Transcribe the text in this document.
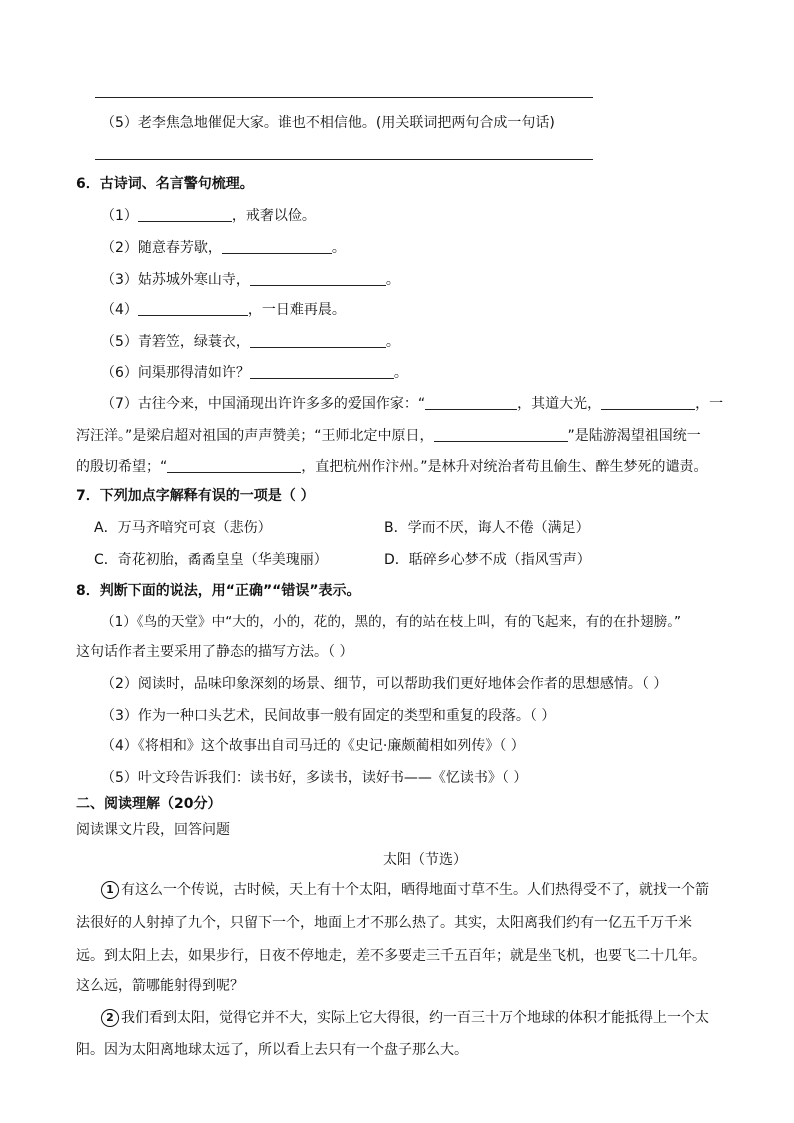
（5）老李焦急地催促大家。谁也不相信他。(用关联词把两句合成一句话)
6．古诗词、名言警句梳理。
（1）	，戒奢以俭。
（2）随意春芳歇，	。
（3）姑苏城外寒山寺，	。
（4）	，一日难再晨。
（5）青箬笠，绿蓑衣，	。
（6）问渠那得清如许？	。
（7）古往今来，中国涌现出许许多多的爱国作家：“	，其道大光，	，一
泻汪洋。”是梁启超对祖国的声声赞美；“王师北定中原日，	”是陆游渴望祖国统一
的殷切希望；“	，直把杭州作汴州。”是林升对统治者苟且偷生、醉生梦死的谴责。
7．下列加点字解释有误的一项是（ ）
A．万马齐喑究可哀（悲伤）	B．学而不厌，诲人不倦（满足）
C．奇花初胎，矞矞皇皇（华美瑰丽）	D．聒碎乡心梦不成（指风雪声）
8．判断下面的说法，用“正确”“错误”表示。
（1）《鸟的天堂》中“大的，小的，花的，黑的，有的站在枝上叫，有的飞起来，有的在扑翅膀。”
这句话作者主要采用了静态的描写方法。（ ）
（2）阅读时，品味印象深刻的场景、细节，可以帮助我们更好地体会作者的思想感情。（ ）
（3）作为一种口头艺术，民间故事一般有固定的类型和重复的段落。（ ）
（4）《将相和》这个故事出自司马迁的《史记·廉颇蔺相如列传》（ ）
（5）叶文玲告诉我们：读书好，多读书，读好书——《忆读书》（ ）
二、阅读理解（20分）
阅读课文片段，回答问题
太阳（节选）
1 有这么一个传说，古时候，天上有十个太阳，晒得地面寸草不生。人们热得受不了，就找一个箭
法很好的人射掉了九个，只留下一个，地面上才不那么热了。其实，太阳离我们约有一亿五千万千米
远。到太阳上去，如果步行，日夜不停地走，差不多要走三千五百年；就是坐飞机，也要飞二十几年。
这么远，箭哪能射得到呢？
2 我们看到太阳，觉得它并不大，实际上它大得很，约一百三十万个地球的体积才能抵得上一个太
阳。因为太阳离地球太远了，所以看上去只有一个盘子那么大。
